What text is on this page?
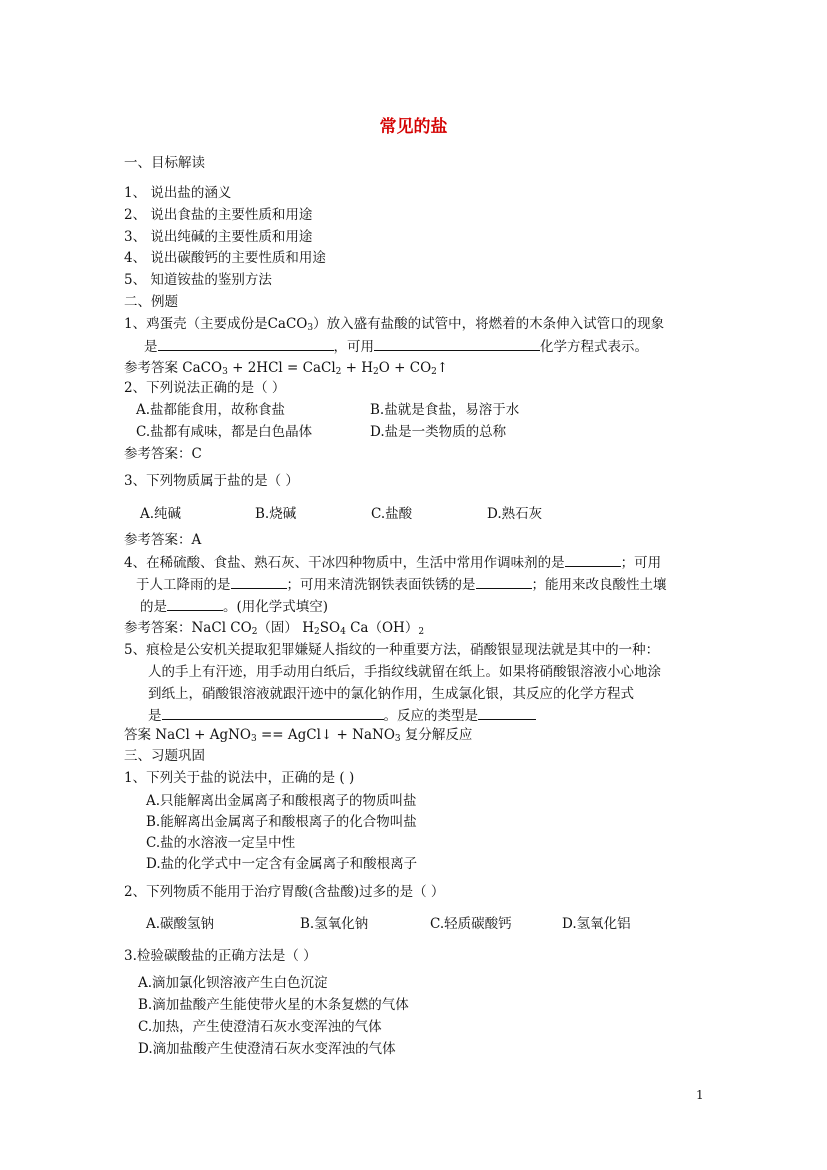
常见的盐
一、目标解读
1、 说出盐的涵义
2、 说出食盐的主要性质和用途
3、 说出纯碱的主要性质和用途
4、 说出碳酸钙的主要性质和用途
5、 知道铵盐的鉴别方法
二、例题
1、鸡蛋壳（主要成份是CaCO$_3$）放入盛有盐酸的试管中，将燃着的木条伸入试管口的现象
是	，可用	化学方程式表示。
参考答案 CaCO$_3$ + 2HCl = CaCl$_2$ + $H_2O$ + $CO_2↑$
2、下列说法正确的是（ ）
A.盐都能食用，故称食盐	B.盐就是食盐，易溶于水
C.盐都有咸味，都是白色晶体	D.盐是一类物质的总称
参考答案：C
3、下列物质属于盐的是（ ）
A.纯碱	B.烧碱	C.盐酸	D.熟石灰
参考答案：A
4、在稀硫酸、食盐、熟石灰、干冰四种物质中，生活中常用作调味剂的是	；可用
于人工降雨的是	；可用来清洗钢铁表面铁锈的是	；能用来改良酸性土壤
的是	。(用化学式填空)
参考答案：NaCl $CO_2$（固） $H_2SO_4$ $Ca(OH)_2$
5、痕检是公安机关提取犯罪嫌疑人指纹的一种重要方法，硝酸银显现法就是其中的一种：
人的手上有汗迹，用手动用白纸后，手指纹线就留在纸上。如果将硝酸银溶液小心地涂
到纸上，硝酸银溶液就跟汗迹中的氯化钠作用，生成氯化银，其反应的化学方程式
是	。反应的类型是
答案 NaCl + AgNO$_3$ == AgCl↓ + NaNO$_3$ 复分解反应
三、习题巩固
1、下列关于盐的说法中，正确的是 ( )
A.只能解离出金属离子和酸根离子的物质叫盐
B.能解离出金属离子和酸根离子的化合物叫盐
C.盐的水溶液一定呈中性
D.盐的化学式中一定含有金属离子和酸根离子
2、下列物质不能用于治疗胃酸(含盐酸)过多的是（ ）
A.碳酸氢钠	B.氢氧化钠	C.轻质碳酸钙	D.氢氧化铝
3.检验碳酸盐的正确方法是（ ）
A.滴加氯化钡溶液产生白色沉淀
B.滴加盐酸产生能使带火星的木条复燃的气体
C.加热，产生使澄清石灰水变浑浊的气体
D.滴加盐酸产生使澄清石灰水变浑浊的气体
1
